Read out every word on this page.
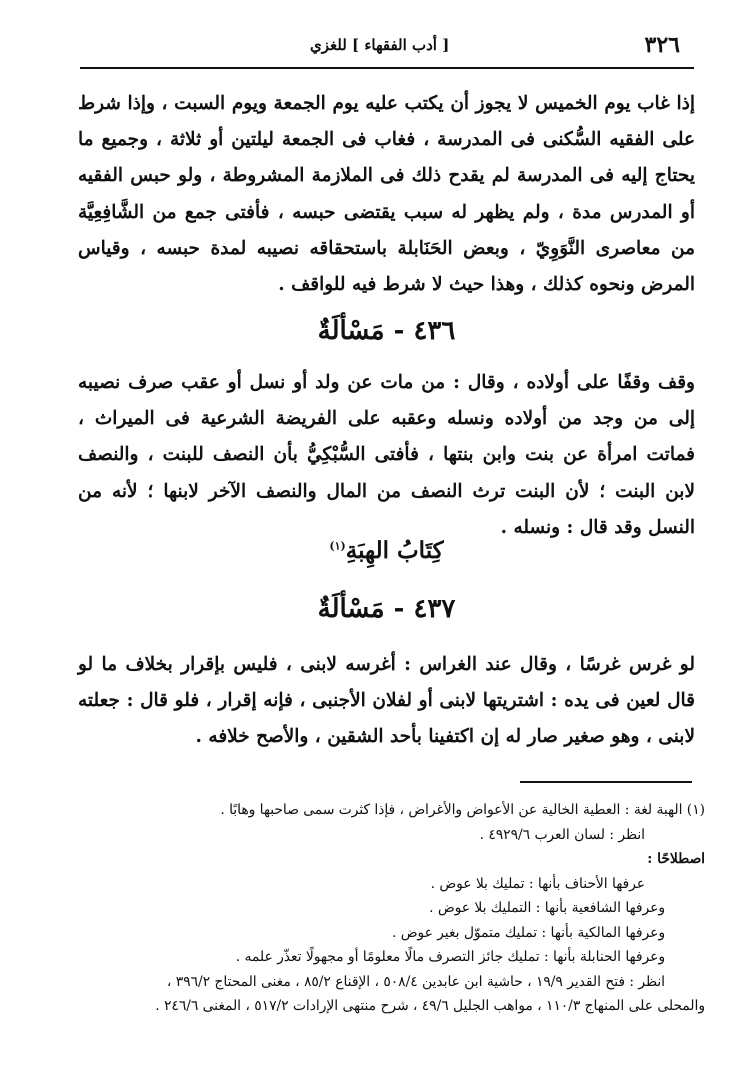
٣٢٦
[ أدب الفقهاء ] للغزي
إذا غاب يوم الخميس لا يجوز أن يكتب عليه يوم الجمعة ويوم السبت ، وإذا شرط على الفقيه السُّكنى فى المدرسة ، فغاب فى الجمعة ليلتين أو ثلاثة ، وجميع ما يحتاج إليه فى المدرسة لم يقدح ذلك فى الملازمة المشروطة ، ولو حبس الفقيه أو المدرس مدة ، ولم يظهر له سبب يقتضى حبسه ، فأفتى جمع من الشَّافِعِيَّة من معاصرى النَّوَوِيّ ، وبعض الحَنَابلة باستحقاقه نصيبه لمدة حبسه ، وقياس المرض ونحوه كذلك ، وهذا حيث لا شرط فيه للواقف .
٤٣٦ - مَسْألَةٌ
وقف وقفًا على أولاده ، وقال : من مات عن ولد أو نسل أو عقب صرف نصيبه إلى من وجد من أولاده ونسله وعقبه على الفريضة الشرعية فى الميراث ، فماتت امرأة عن بنت وابن بنتها ، فأفتى السُّبْكِيُّ بأن النصف للبنت ، والنصف لابن البنت ؛ لأن البنت ترث النصف من المال والنصف الآخر لابنها ؛ لأنه من النسل وقد قال : ونسله .
كِتَابُ الهِبَةِ$^{(١)}$
٤٣٧ - مَسْألَةٌ
لو غرس غرسًا ، وقال عند الغراس : أغرسه لابنى ، فليس بإقرار بخلاف ما لو قال لعين فى يده : اشتريتها لابنى أو لفلان الأجنبى ، فإنه إقرار ، فلو قال : جعلته لابنى ، وهو صغير صار له إن اكتفينا بأحد الشقين ، والأصح خلافه .
(١) الهبة لغة : العطية الخالية عن الأعواض والأغراض ، فإذا كثرت سمى صاحبها وهابًا .
انظر : لسان العرب ٤٩٢٩/٦ .
اصطلاحًا :
عرفها الأحناف بأنها : تمليك بلا عوض .
وعرفها الشافعية بأنها : التمليك بلا عوض .
وعرفها المالكية بأنها : تمليك متموّل بغير عوض .
وعرفها الحنابلة بأنها : تمليك جائز التصرف مالًا معلومًا أو مجهولًا تعذّر علمه .
انظر : فتح القدير ١٩/٩ ، حاشية ابن عابدين ٥٠٨/٤ ، الإقناع ٨٥/٢ ، مغنى المحتاج ٣٩٦/٢ ،
والمحلى على المنهاج ١١٠/٣ ، مواهب الجليل ٤٩/٦ ، شرح منتهى الإرادات ٥١٧/٢ ، المغنى ٢٤٦/٦ .
